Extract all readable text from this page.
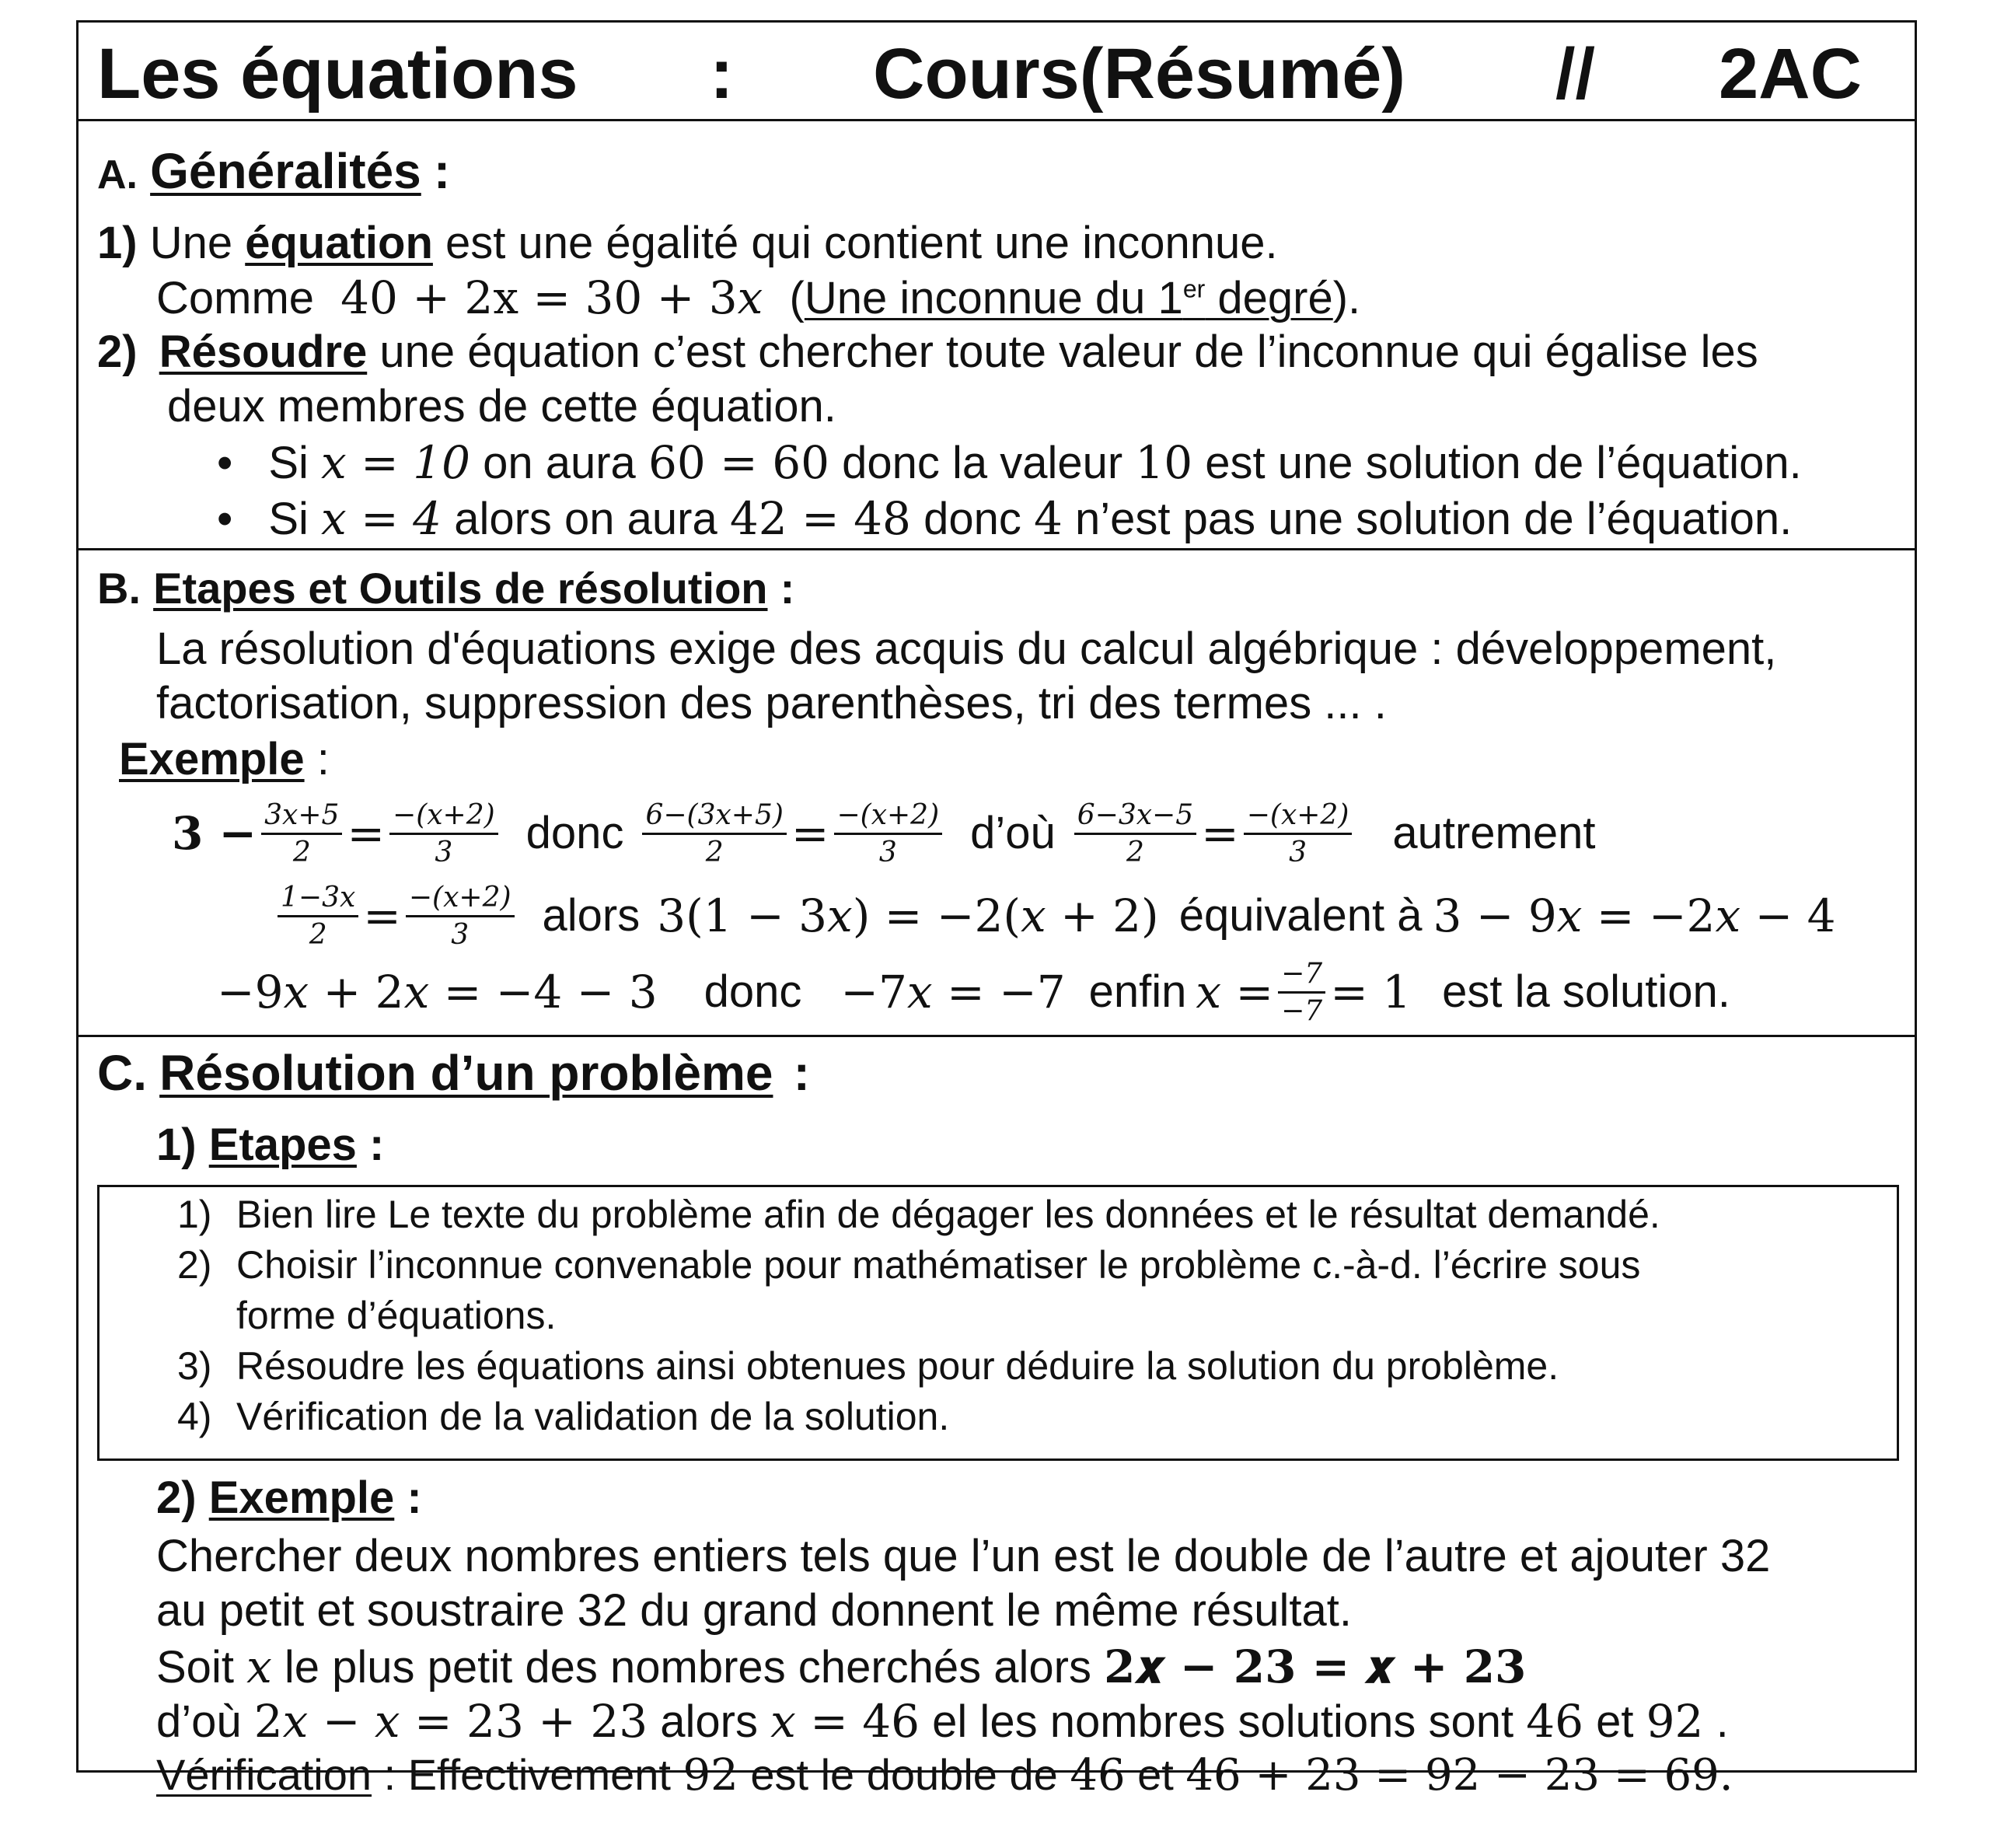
Les équations : Cours(Résumé) // 2AC
A. Généralités :
1) Une équation est une égalité qui contient une inconnue.
Comme 40 + 2x = 30 + 3𝑥 (Une inconnue du 1er degré).
2) Résoudre une équation c’est chercher toute valeur de l’inconnue qui égalise les
deux membres de cette équation.
• Si 𝑥 = 10 on aura 60 = 60 donc la valeur 10 est une solution de l’équation.
• Si 𝑥 = 4 alors on aura 42 = 48 donc 4 n’est pas une solution de l’équation.
B. Etapes et Outils de résolution :
La résolution d'équations exige des acquis du calcul algébrique : développement,
factorisation, suppression des parenthèses, tri des termes ... .
Exemple :
$3 - \frac{\text{3𝑥+5}}{2} = \frac{\text{−(𝑥+2)}}{3}$ donc $\frac{\text{6−(3𝑥+5)}}{2} = \frac{\text{−(𝑥+2)}}{3}$ d’où $\frac{\text{6−3𝑥−5}}{2} = \frac{\text{−(𝑥+2)}}{3}$ autrement
$\frac{\text{1−3𝑥}}{2} = \frac{\text{−(𝑥+2)}}{3}$ alors 3(1 − 3𝑥) = −2(𝑥 + 2) équivalent à 3 − 9𝑥 = −2𝑥 − 4
−9𝑥 + 2𝑥 = −4 − 3 donc −7𝑥 = −7 enfin 𝑥 = $\frac{-7}{-7} = 1$ est la solution.
C. Résolution d’un problème :
1) Etapes :
1) Bien lire Le texte du problème afin de dégager les données et le résultat demandé.
2) Choisir l’inconnue convenable pour mathématiser le problème c.-à-d. l’écrire sous
forme d’équations.
3) Résoudre les équations ainsi obtenues pour déduire la solution du problème.
4) Vérification de la validation de la solution.
2) Exemple :
Chercher deux nombres entiers tels que l’un est le double de l’autre et ajouter 32
au petit et soustraire 32 du grand donnent le même résultat.
Soit 𝑥 le plus petit des nombres cherchés alors 2𝒙 − 𝟐𝟑 = 𝒙 + 𝟐𝟑
d’où 2𝑥 − 𝑥 = 23 + 23 alors 𝑥 = 46 el les nombres solutions sont 46 et 92 .
Vérification : Effectivement 92 est le double de 46 et 46 + 23 = 92 − 23 = 69.
